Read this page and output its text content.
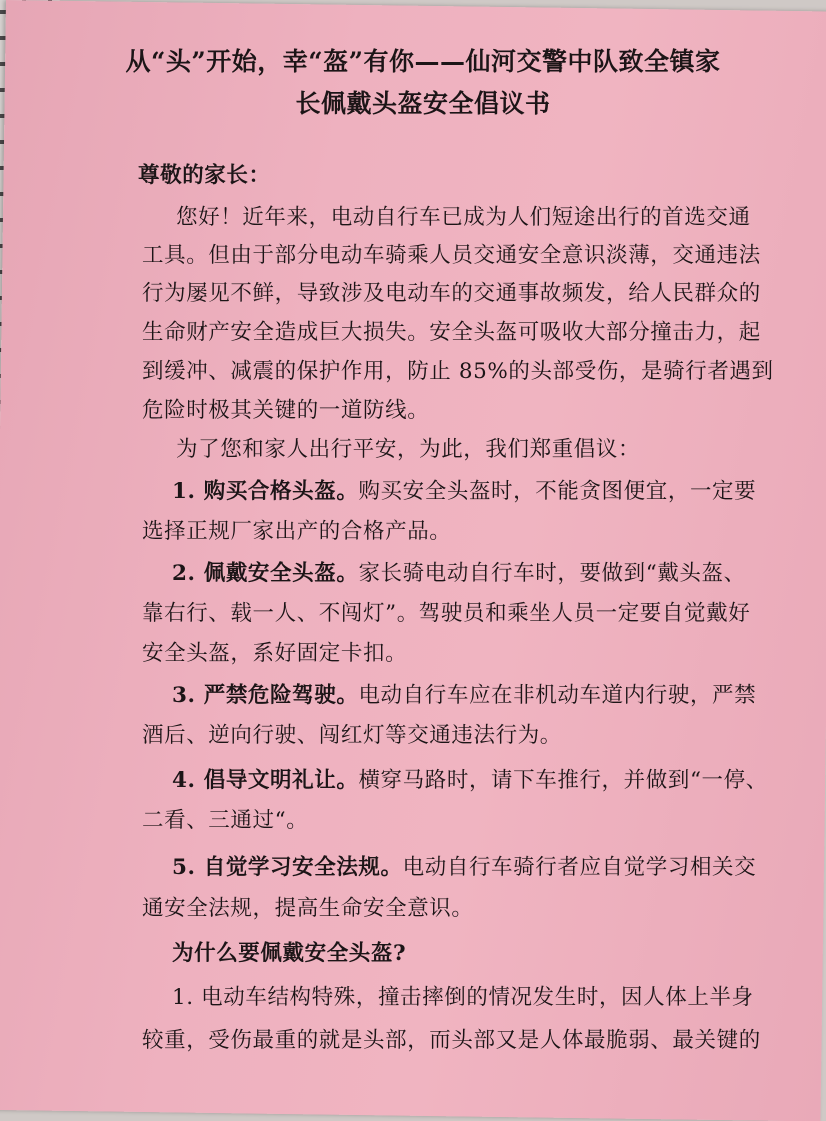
从“头”开始，幸“盔”有你——仙河交警中队致全镇家
长佩戴头盔安全倡议书
尊敬的家长：
您好！近年来，电动自行车已成为人们短途出行的首选交通
工具。但由于部分电动车骑乘人员交通安全意识淡薄，交通违法
行为屡见不鲜，导致涉及电动车的交通事故频发，给人民群众的
生命财产安全造成巨大损失。安全头盔可吸收大部分撞击力，起
到缓冲、减震的保护作用，防止 85%的头部受伤，是骑行者遇到
危险时极其关键的一道防线。
为了您和家人出行平安，为此，我们郑重倡议：
1. 购买合格头盔。购买安全头盔时，不能贪图便宜，一定要
选择正规厂家出产的合格产品。
2. 佩戴安全头盔。家长骑电动自行车时，要做到“戴头盔、
靠右行、载一人、不闯灯”。驾驶员和乘坐人员一定要自觉戴好
安全头盔，系好固定卡扣。
3. 严禁危险驾驶。电动自行车应在非机动车道内行驶，严禁
酒后、逆向行驶、闯红灯等交通违法行为。
4. 倡导文明礼让。横穿马路时，请下车推行，并做到“一停、
二看、三通过“。
5. 自觉学习安全法规。电动自行车骑行者应自觉学习相关交
通安全法规，提高生命安全意识。
为什么要佩戴安全头盔?
1. 电动车结构特殊，撞击摔倒的情况发生时，因人体上半身
较重，受伤最重的就是头部，而头部又是人体最脆弱、最关键的
